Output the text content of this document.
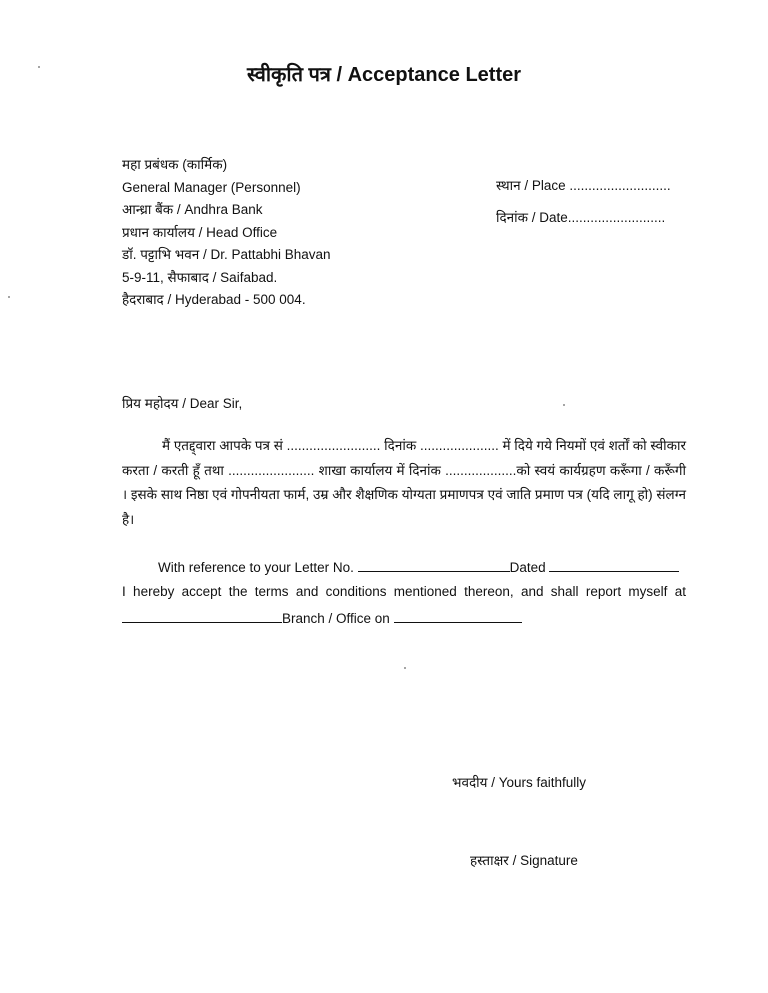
स्वीकृति पत्र / Acceptance Letter
महा प्रबंधक (कार्मिक)
General Manager (Personnel)
आन्ध्रा बैंक / Andhra Bank
प्रधान कार्यालय / Head Office
डॉ. पट्टाभि भवन / Dr. Pattabhi Bhavan
5-9-11, सैफाबाद / Saifabad.
हैदराबाद / Hyderabad - 500 004.
स्थान / Place ...........................
दिनांक / Date..........................
प्रिय महोदय / Dear Sir,
मैं एतद्द्वारा आपके पत्र सं ......................... दिनांक ..................... में दिये गये नियमों एवं शर्तों को स्वीकार करता / करती हूँ तथा ....................... शाखा कार्यालय में दिनांक ...................को स्वयं कार्यग्रहण करूँगा / करूँगी । इसके साथ निष्ठा एवं गोपनीयता फार्म, उम्र और शैक्षणिक योग्यता प्रमाणपत्र एवं जाति प्रमाण पत्र (यदि लागू हो) संलग्न है।
With reference to your Letter No.	Dated
I hereby accept the terms and conditions mentioned thereon, and shall report myself at
Branch / Office on
भवदीय / Yours faithfully
हस्ताक्षर / Signature
